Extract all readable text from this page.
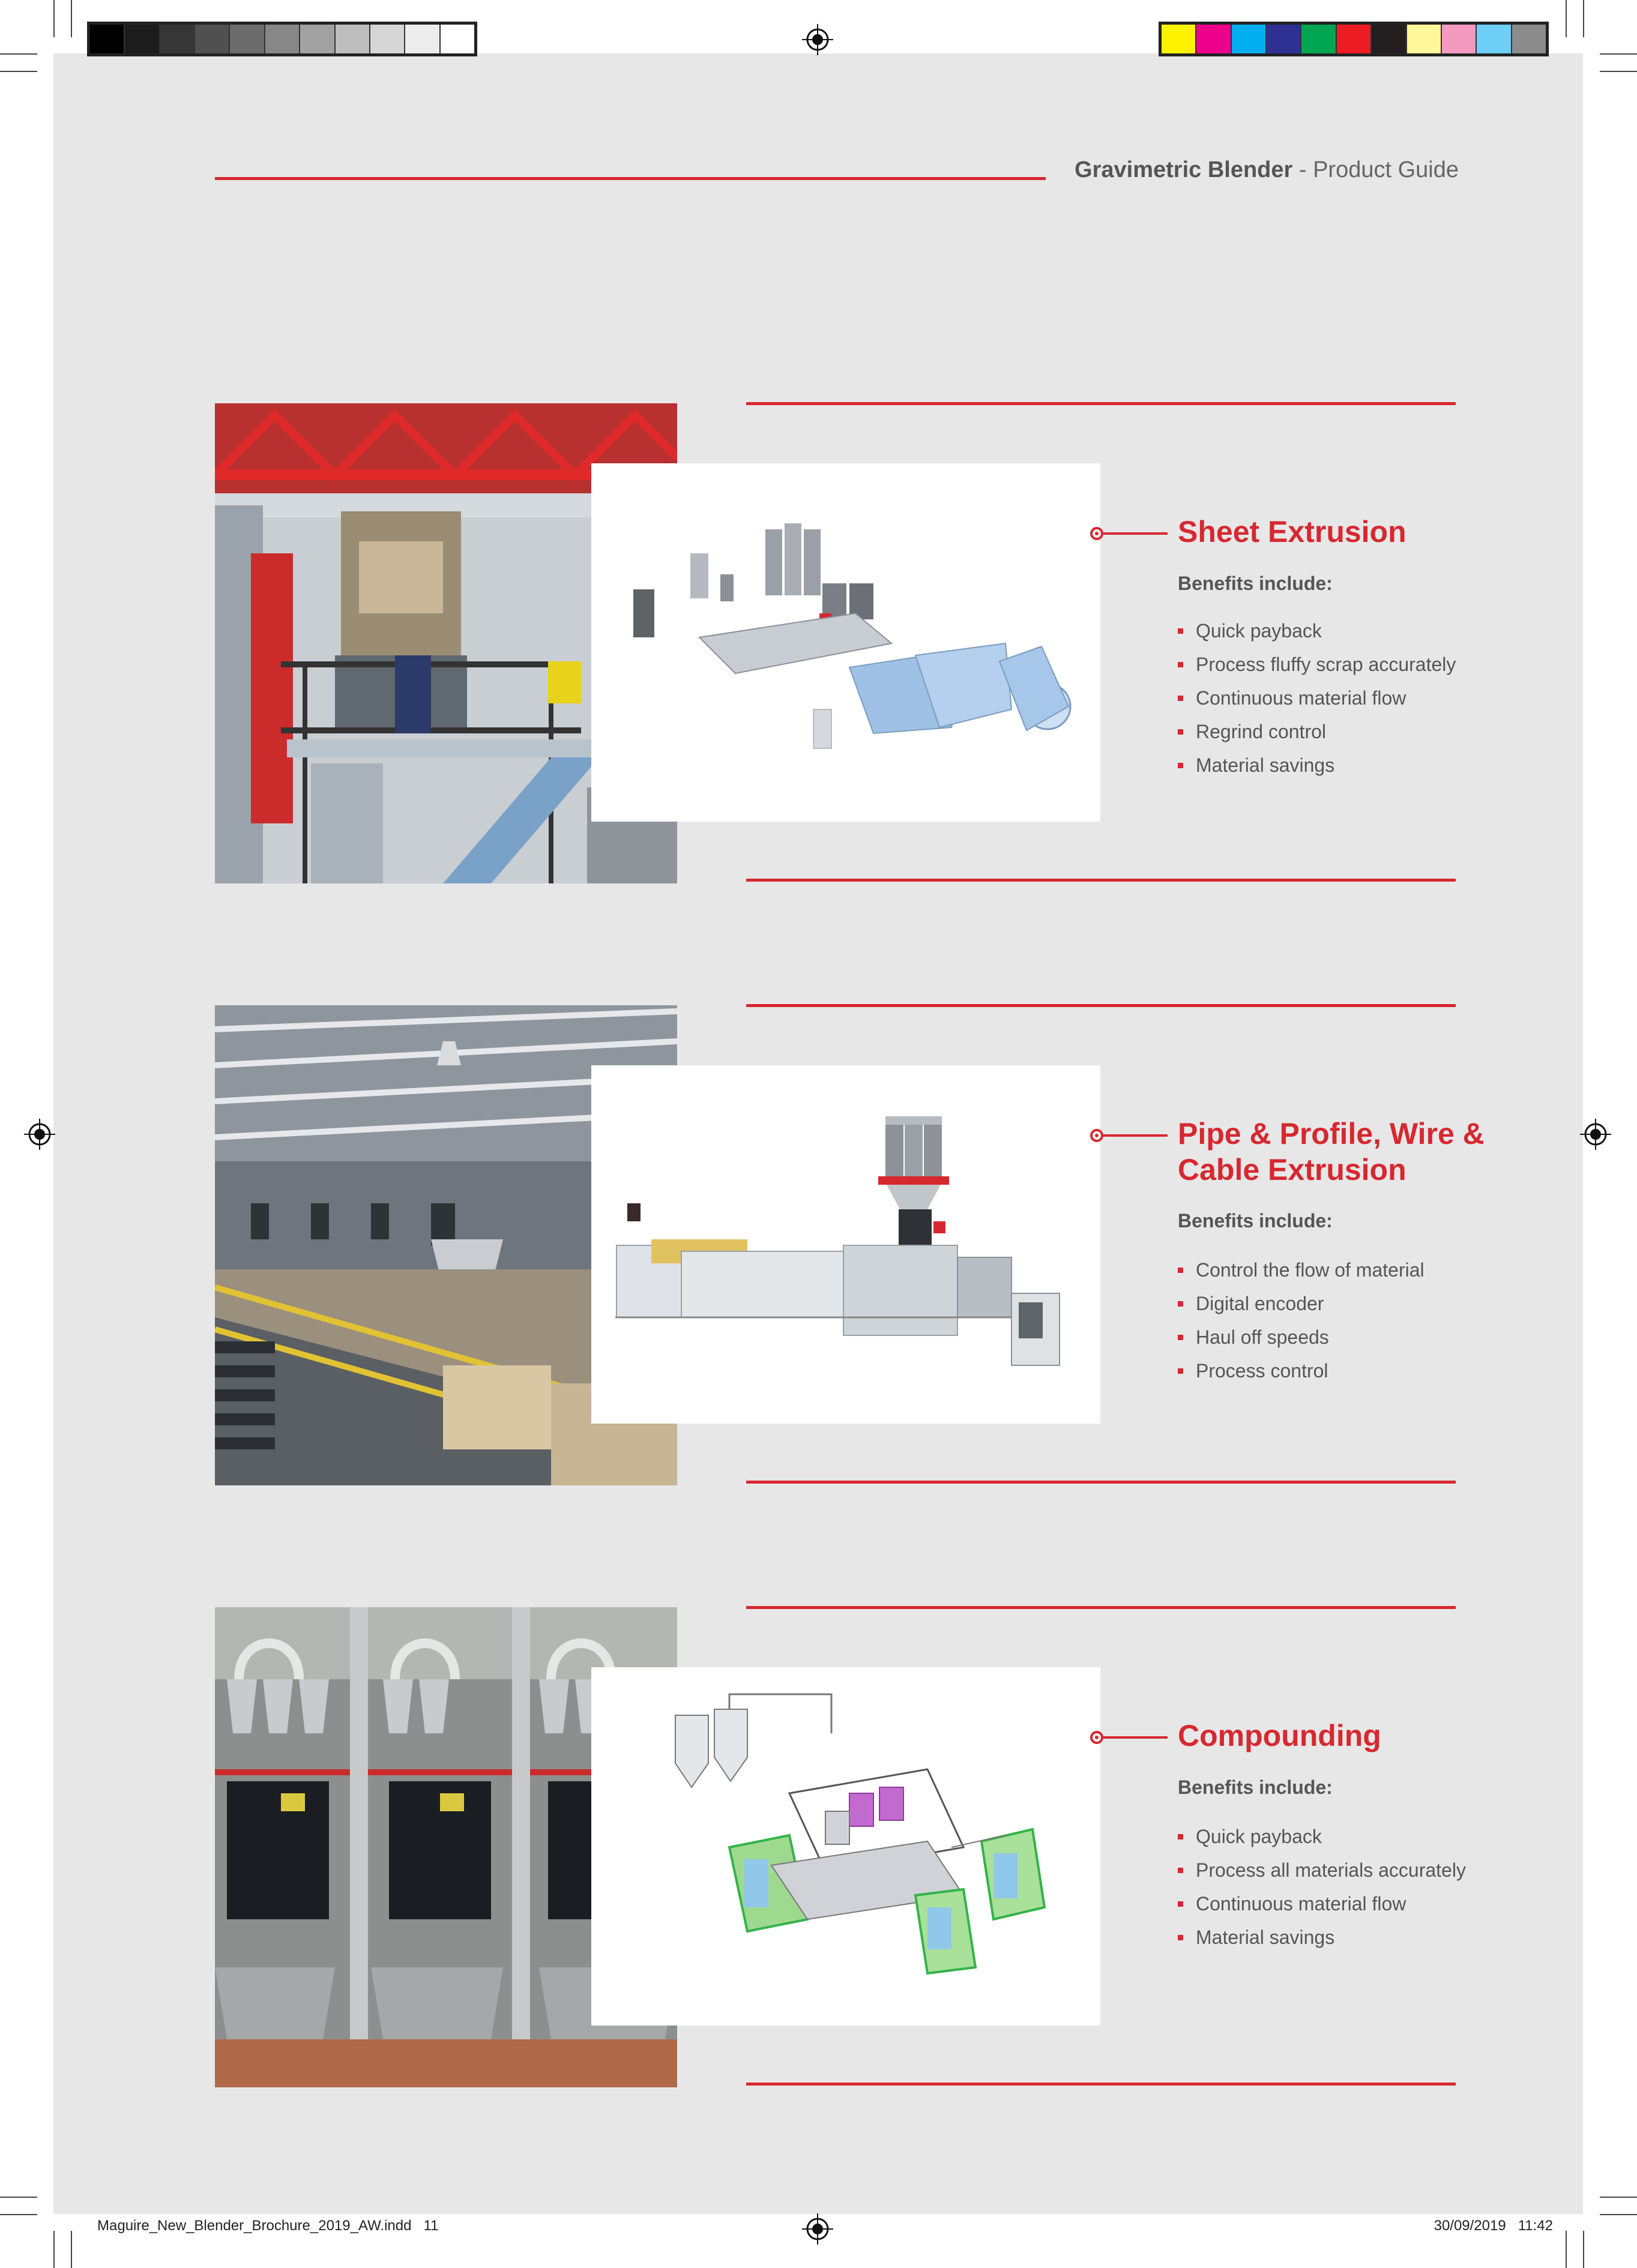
Gravimetric Blender - Product Guide
Sheet Extrusion
Benefits include:
Quick payback
Process fluffy scrap accurately
Continuous material flow
Regrind control
Material savings
Pipe & Profile, Wire & Cable Extrusion
Benefits include:
Control the flow of material
Digital encoder
Haul off speeds
Process control
Compounding
Benefits include:
Quick payback
Process all materials accurately
Continuous material flow
Material savings
Maguire_New_Blender_Brochure_2019_AW.indd   11	30/09/2019   11:42
